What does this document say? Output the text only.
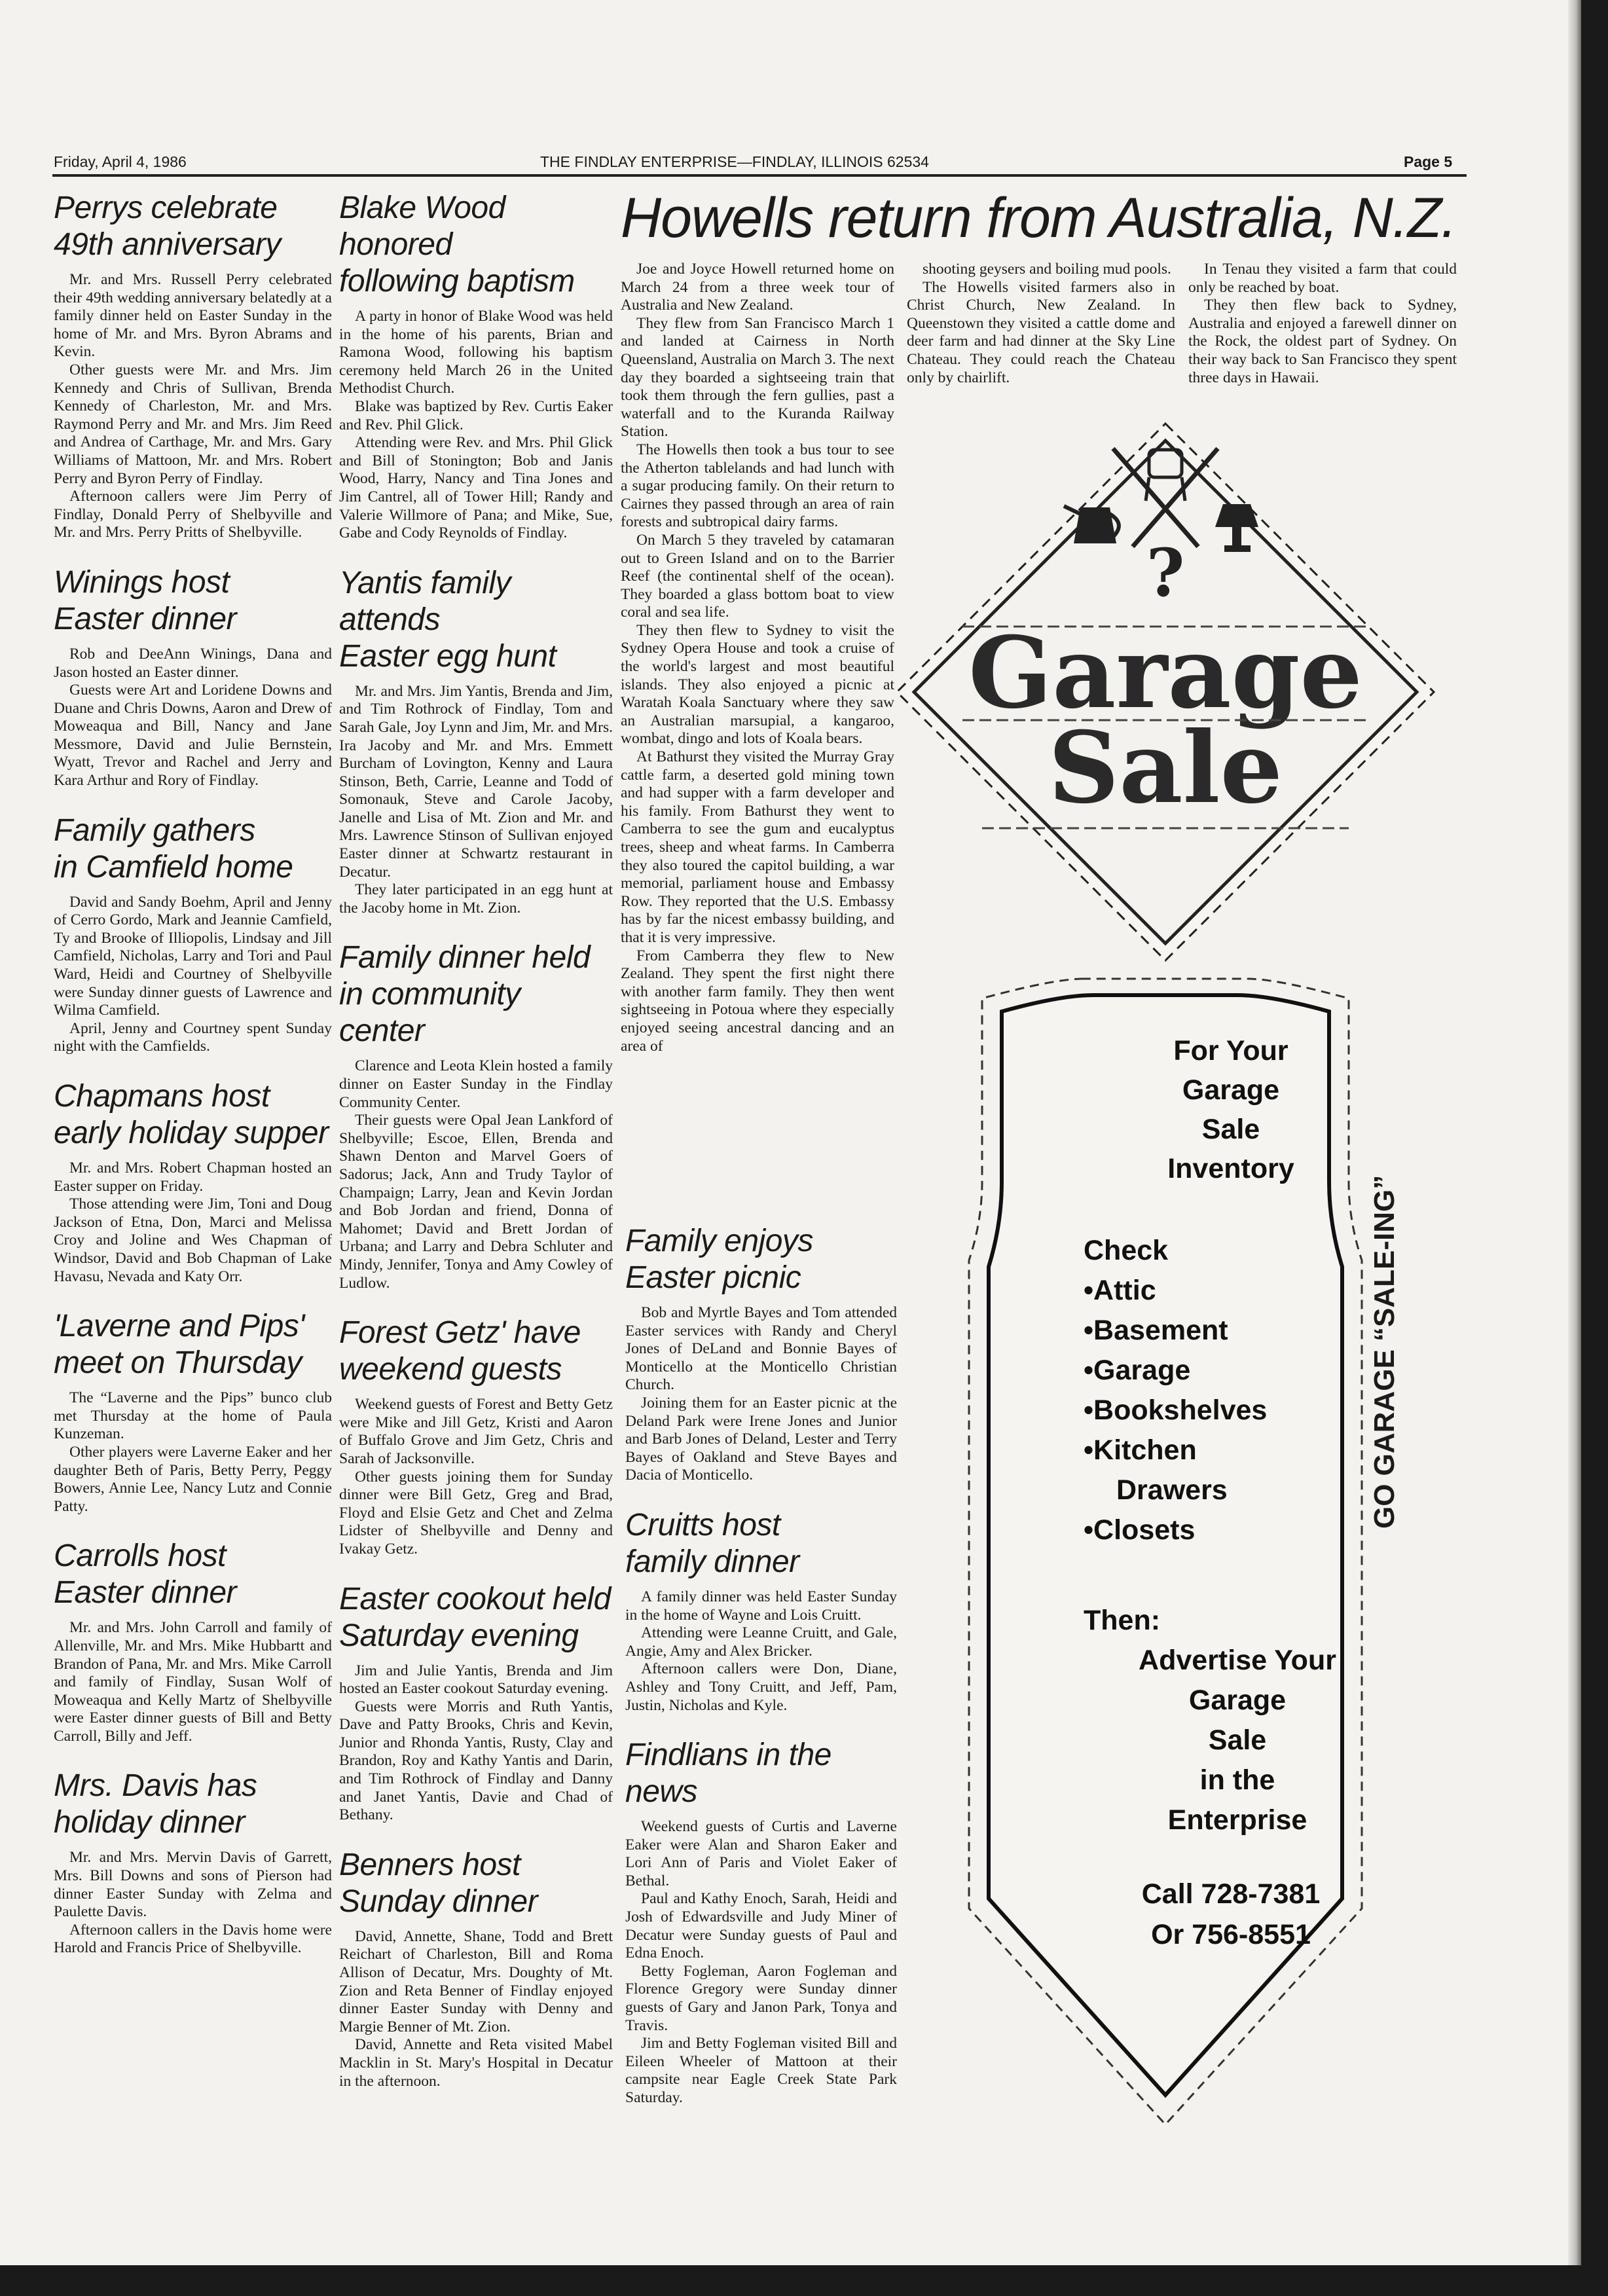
Friday, April 4, 1986	THE FINDLAY ENTERPRISE—FINDLAY, ILLINOIS 62534	Page 5
Perrys celebrate
49th anniversary

Mr. and Mrs. Russell Perry celebrated their 49th wedding anniversary belatedly at a family dinner held on Easter Sunday in the home of Mr. and Mrs. Byron Abrams and Kevin.

Other guests were Mr. and Mrs. Jim Kennedy and Chris of Sullivan, Brenda Kennedy of Charleston, Mr. and Mrs. Raymond Perry and Mr. and Mrs. Jim Reed and Andrea of Carthage, Mr. and Mrs. Gary Williams of Mattoon, Mr. and Mrs. Robert Perry and Byron Perry of Findlay.

Afternoon callers were Jim Perry of Findlay, Donald Perry of Shelbyville and Mr. and Mrs. Perry Pritts of Shelbyville.

Winings host
Easter dinner

Rob and DeeAnn Winings, Dana and Jason hosted an Easter dinner.

Guests were Art and Loridene Downs and Duane and Chris Downs, Aaron and Drew of Moweaqua and Bill, Nancy and Jane Messmore, David and Julie Bernstein, Wyatt, Trevor and Rachel and Jerry and Kara Arthur and Rory of Findlay.

Family gathers
in Camfield home

David and Sandy Boehm, April and Jenny of Cerro Gordo, Mark and Jeannie Camfield, Ty and Brooke of Illiopolis, Lindsay and Jill Camfield, Nicholas, Larry and Tori and Paul Ward, Heidi and Courtney of Shelbyville were Sunday dinner guests of Lawrence and Wilma Camfield.

April, Jenny and Courtney spent Sunday night with the Camfields.

Chapmans host
early holiday supper

Mr. and Mrs. Robert Chapman hosted an Easter supper on Friday.

Those attending were Jim, Toni and Doug Jackson of Etna, Don, Marci and Melissa Croy and Joline and Wes Chapman of Windsor, David and Bob Chapman of Lake Havasu, Nevada and Katy Orr.

'Laverne and Pips'
meet on Thursday

The “Laverne and the Pips” bunco club met Thursday at the home of Paula Kunzeman.

Other players were Laverne Eaker and her daughter Beth of Paris, Betty Perry, Peggy Bowers, Annie Lee, Nancy Lutz and Connie Patty.

Carrolls host
Easter dinner

Mr. and Mrs. John Carroll and family of Allenville, Mr. and Mrs. Mike Hubbartt and Brandon of Pana, Mr. and Mrs. Mike Carroll and family of Findlay, Susan Wolf of Moweaqua and Kelly Martz of Shelbyville were Easter dinner guests of Bill and Betty Carroll, Billy and Jeff.

Mrs. Davis has
holiday dinner

Mr. and Mrs. Mervin Davis of Garrett, Mrs. Bill Downs and sons of Pierson had dinner Easter Sunday with Zelma and Paulette Davis.

Afternoon callers in the Davis home were Harold and Francis Price of Shelbyville.

Blake Wood honored
following baptism

A party in honor of Blake Wood was held in the home of his parents, Brian and Ramona Wood, following his baptism ceremony held March 26 in the United Methodist Church.

Blake was baptized by Rev. Curtis Eaker and Rev. Phil Glick.

Attending were Rev. and Mrs. Phil Glick and Bill of Stonington; Bob and Janis Wood, Harry, Nancy and Tina Jones and Jim Cantrel, all of Tower Hill; Randy and Valerie Willmore of Pana; and Mike, Sue, Gabe and Cody Reynolds of Findlay.

Yantis family attends
Easter egg hunt

Mr. and Mrs. Jim Yantis, Brenda and Jim, and Tim Rothrock of Findlay, Tom and Sarah Gale, Joy Lynn and Jim, Mr. and Mrs. Ira Jacoby and Mr. and Mrs. Emmett Burcham of Lovington, Kenny and Laura Stinson, Beth, Carrie, Leanne and Todd of Somonauk, Steve and Carole Jacoby, Janelle and Lisa of Mt. Zion and Mr. and Mrs. Lawrence Stinson of Sullivan enjoyed Easter dinner at Schwartz restaurant in Decatur.

They later participated in an egg hunt at the Jacoby home in Mt. Zion.

Family dinner held
in community center

Clarence and Leota Klein hosted a family dinner on Easter Sunday in the Findlay Community Center.

Their guests were Opal Jean Lankford of Shelbyville; Escoe, Ellen, Brenda and Shawn Denton and Marvel Goers of Sadorus; Jack, Ann and Trudy Taylor of Champaign; Larry, Jean and Kevin Jordan and Bob Jordan and friend, Donna of Mahomet; David and Brett Jordan of Urbana; and Larry and Debra Schluter and Mindy, Jennifer, Tonya and Amy Cowley of Ludlow.

Forest Getz' have
weekend guests

Weekend guests of Forest and Betty Getz were Mike and Jill Getz, Kristi and Aaron of Buffalo Grove and Jim Getz, Chris and Sarah of Jacksonville.

Other guests joining them for Sunday dinner were Bill Getz, Greg and Brad, Floyd and Elsie Getz and Chet and Zelma Lidster of Shelbyville and Denny and Ivakay Getz.

Easter cookout held
Saturday evening

Jim and Julie Yantis, Brenda and Jim hosted an Easter cookout Saturday evening.

Guests were Morris and Ruth Yantis, Dave and Patty Brooks, Chris and Kevin, Junior and Rhonda Yantis, Rusty, Clay and Brandon, Roy and Kathy Yantis and Darin, and Tim Rothrock of Findlay and Danny and Janet Yantis, Davie and Chad of Bethany.

Benners host
Sunday dinner

David, Annette, Shane, Todd and Brett Reichart of Charleston, Bill and Roma Allison of Decatur, Mrs. Doughty of Mt. Zion and Reta Benner of Findlay enjoyed dinner Easter Sunday with Denny and Margie Benner of Mt. Zion.

David, Annette and Reta visited Mabel Macklin in St. Mary's Hospital in Decatur in the afternoon.

Howells return from Australia, N.Z.

Joe and Joyce Howell returned home on March 24 from a three week tour of Australia and New Zealand.

They flew from San Francisco March 1 and landed at Cairness in North Queensland, Australia on March 3. The next day they boarded a sightseeing train that took them through the fern gullies, past a waterfall and to the Kuranda Railway Station.

The Howells then took a bus tour to see the Atherton tablelands and had lunch with a sugar producing family. On their return to Cairnes they passed through an area of rain forests and subtropical dairy farms.

On March 5 they traveled by catamaran out to Green Island and on to the Barrier Reef (the continental shelf of the ocean). They boarded a glass bottom boat to view coral and sea life.

They then flew to Sydney to visit the Sydney Opera House and took a cruise of the world's largest and most beautiful islands. They also enjoyed a picnic at Waratah Koala Sanctuary where they saw an Australian marsupial, a kangaroo, wombat, dingo and lots of Koala bears.

At Bathurst they visited the Murray Gray cattle farm, a deserted gold mining town and had supper with a farm developer and his family. From Bathurst they went to Camberra to see the gum and eucalyptus trees, sheep and wheat farms. In Camberra they also toured the capitol building, a war memorial, parliament house and Embassy Row. They reported that the U.S. Embassy has by far the nicest embassy building, and that it is very impressive.

From Camberra they flew to New Zealand. They spent the first night there with another farm family. They then went sightseeing in Potoua where they especially enjoyed seeing ancestral dancing and an area of

shooting geysers and boiling mud pools.

The Howells visited farmers also in Christ Church, New Zealand. In Queenstown they visited a cattle dome and deer farm and had dinner at the Sky Line Chateau. They could reach the Chateau only by chairlift.

In Tenau they visited a farm that could only be reached by boat.

They then flew back to Sydney, Australia and enjoyed a farewell dinner on the Rock, the oldest part of Sydney. On their way back to San Francisco they spent three days in Hawaii.

Family enjoys
Easter picnic

Bob and Myrtle Bayes and Tom attended Easter services with Randy and Cheryl Jones of DeLand and Bonnie Bayes of Monticello at the Monticello Christian Church.

Joining them for an Easter picnic at the Deland Park were Irene Jones and Junior and Barb Jones of Deland, Lester and Terry Bayes of Oakland and Steve Bayes and Dacia of Monticello.

Cruitts host
family dinner

A family dinner was held Easter Sunday in the home of Wayne and Lois Cruitt.

Attending were Leanne Cruitt, and Gale, Angie, Amy and Alex Bricker.

Afternoon callers were Don, Diane, Ashley and Tony Cruitt, and Jeff, Pam, Justin, Nicholas and Kyle.

Findlians in the news

Weekend guests of Curtis and Laverne Eaker were Alan and Sharon Eaker and Lori Ann of Paris and Violet Eaker of Bethal.

Paul and Kathy Enoch, Sarah, Heidi and Josh of Edwardsville and Judy Miner of Decatur were Sunday guests of Paul and Edna Enoch.

Betty Fogleman, Aaron Fogleman and Florence Gregory were Sunday dinner guests of Gary and Janon Park, Tonya and Travis.

Jim and Betty Fogleman visited Bill and Eileen Wheeler of Mattoon at their campsite near Eagle Creek State Park Saturday.

?
Garage
Sale
For Your
Garage
Sale
Inventory
Check
•Attic
•Basement
•Garage
•Bookshelves
•Kitchen
Drawers
•Closets
Then:
Advertise Your
Garage
Sale
in the
Enterprise
Call 728-7381
Or 756-8551
GO GARAGE “SALE-ING”
